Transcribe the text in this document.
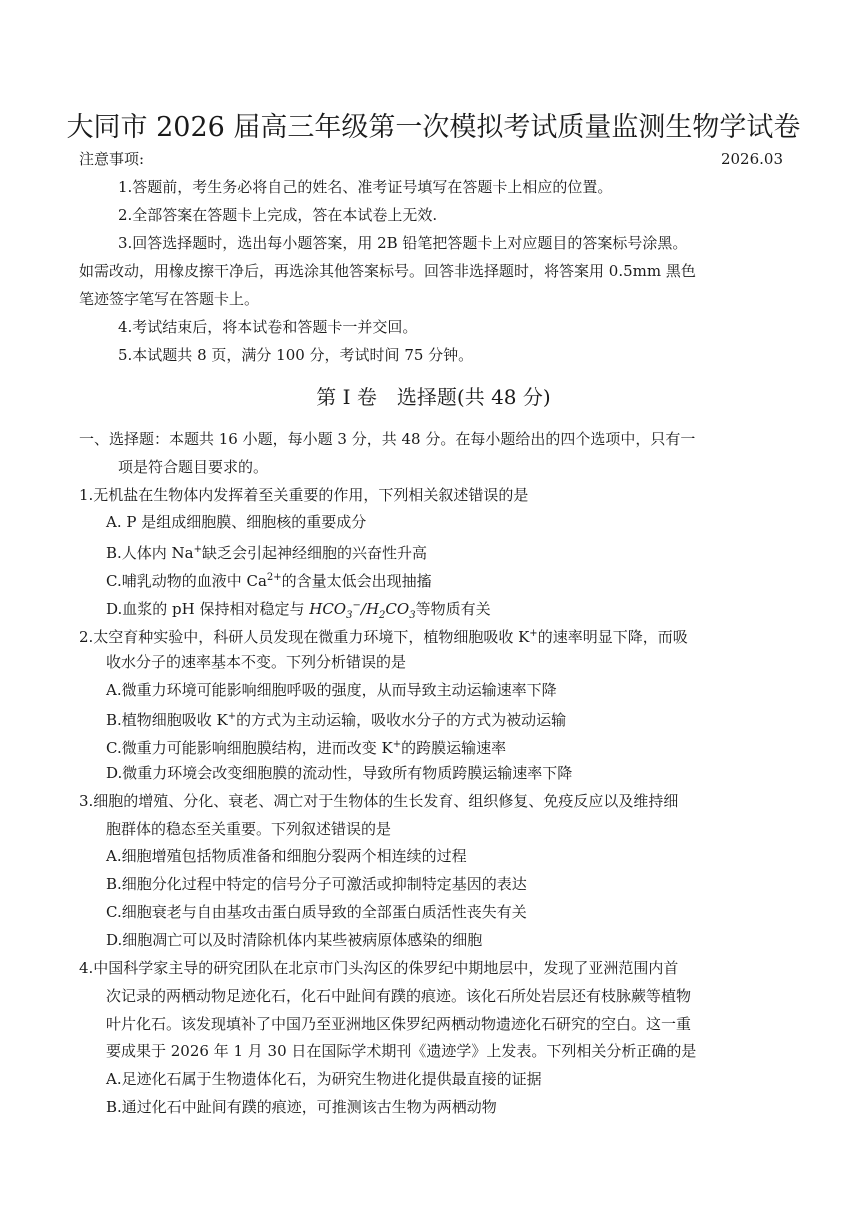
大同市 2026 届高三年级第一次模拟考试质量监测生物学试卷
注意事项:	2026.03
1.答题前，考生务必将自己的姓名、准考证号填写在答题卡上相应的位置。
2.全部答案在答题卡上完成，答在本试卷上无效.
3.回答选择题时，选出每小题答案，用 2B 铅笔把答题卡上对应题目的答案标号涂黑。
如需改动，用橡皮擦干净后，再选涂其他答案标号。回答非选择题时，将答案用 0.5mm 黑色
笔迹签字笔写在答题卡上。
4.考试结束后，将本试卷和答题卡一并交回。
5.本试题共 8 页，满分 100 分，考试时间 75 分钟。
第 I 卷　选择题(共 48 分)
一、选择题：本题共 16 小题，每小题 3 分，共 48 分。在每小题给出的四个选项中，只有一
项是符合题目要求的。
1.无机盐在生物体内发挥着至关重要的作用，下列相关叙述错误的是
A. P 是组成细胞膜、细胞核的重要成分
B.人体内 Na+缺乏会引起神经细胞的兴奋性升高
C.哺乳动物的血液中 $Ca^{2+}$的含量太低会出现抽搐
D.血浆的 pH 保持相对稳定与 $HCO_3^-/H_2CO_3$等物质有关
2.太空育种实验中，科研人员发现在微重力环境下，植物细胞吸收 K+的速率明显下降，而吸
收水分子的速率基本不变。下列分析错误的是
A.微重力环境可能影响细胞呼吸的强度，从而导致主动运输速率下降
B.植物细胞吸收 K+的方式为主动运输，吸收水分子的方式为被动运输
C.微重力可能影响细胞膜结构，进而改变 K+的跨膜运输速率
D.微重力环境会改变细胞膜的流动性，导致所有物质跨膜运输速率下降
3.细胞的增殖、分化、衰老、凋亡对于生物体的生长发育、组织修复、免疫反应以及维持细
胞群体的稳态至关重要。下列叙述错误的是
A.细胞增殖包括物质准备和细胞分裂两个相连续的过程
B.细胞分化过程中特定的信号分子可激活或抑制特定基因的表达
C.细胞衰老与自由基攻击蛋白质导致的全部蛋白质活性丧失有关
D.细胞凋亡可以及时清除机体内某些被病原体感染的细胞
4.中国科学家主导的研究团队在北京市门头沟区的侏罗纪中期地层中，发现了亚洲范围内首
次记录的两栖动物足迹化石，化石中趾间有蹼的痕迹。该化石所处岩层还有枝脉蕨等植物
叶片化石。该发现填补了中国乃至亚洲地区侏罗纪两栖动物遗迹化石研究的空白。这一重
要成果于 2026 年 1 月 30 日在国际学术期刊《遗迹学》上发表。下列相关分析正确的是
A.足迹化石属于生物遗体化石，为研究生物进化提供最直接的证据
B.通过化石中趾间有蹼的痕迹，可推测该古生物为两栖动物
